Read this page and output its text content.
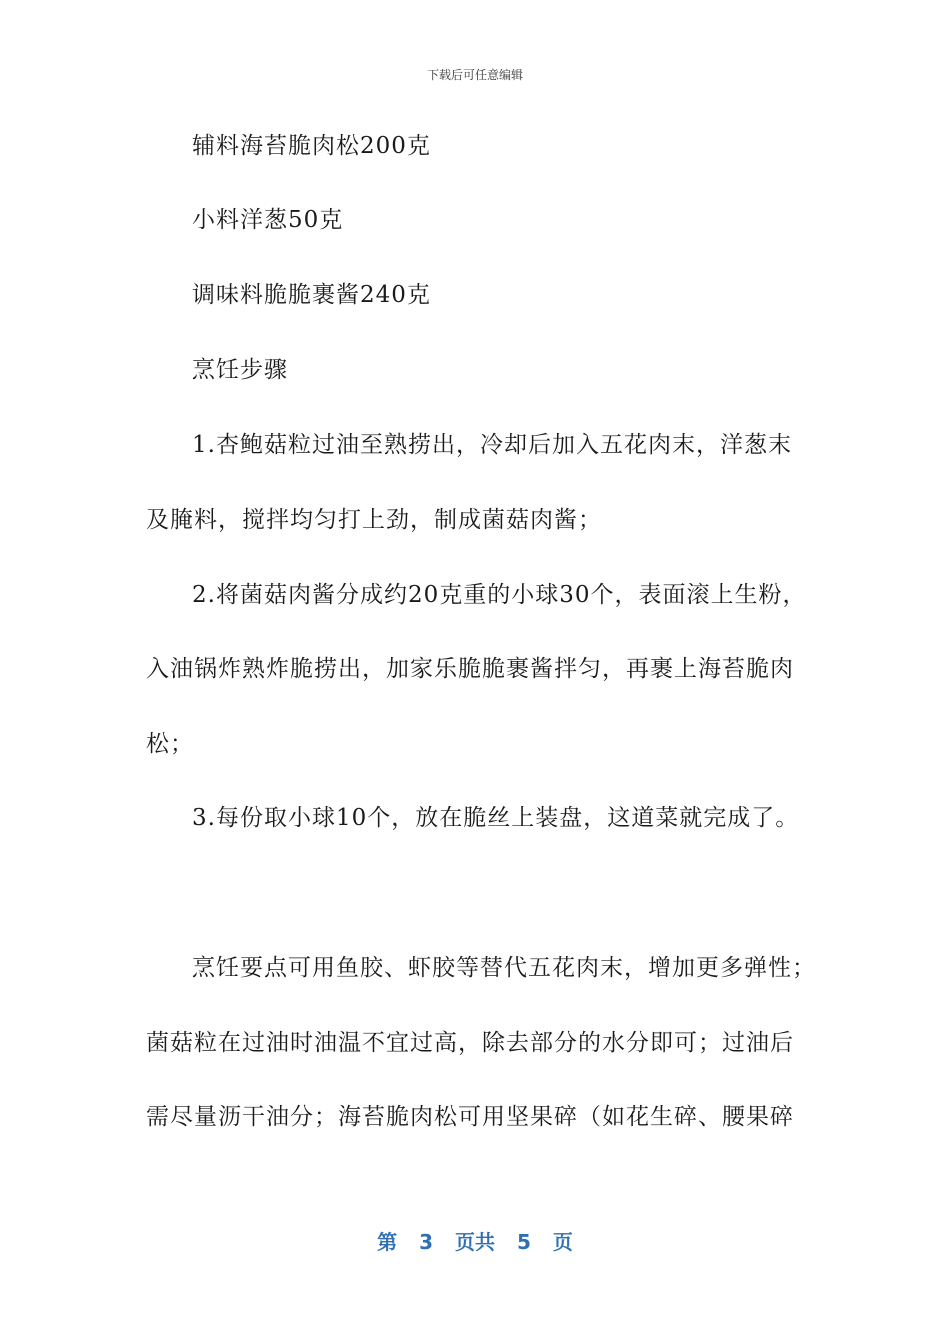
下载后可任意编辑
辅料海苔脆肉松200克
小料洋葱50克
调味料脆脆裹酱240克
烹饪步骤
1.杏鲍菇粒过油至熟捞出，冷却后加入五花肉末，洋葱末
及腌料，搅拌均匀打上劲，制成菌菇肉酱；
2.将菌菇肉酱分成约20克重的小球30个，表面滚上生粉，
入油锅炸熟炸脆捞出，加家乐脆脆裹酱拌匀，再裹上海苔脆肉
松；
3.每份取小球10个，放在脆丝上装盘，这道菜就完成了。
烹饪要点可用鱼胶、虾胶等替代五花肉末，增加更多弹性；
菌菇粒在过油时油温不宜过高，除去部分的水分即可；过油后
需尽量沥干油分；海苔脆肉松可用坚果碎（如花生碎、腰果碎
第 3 页共 5 页
